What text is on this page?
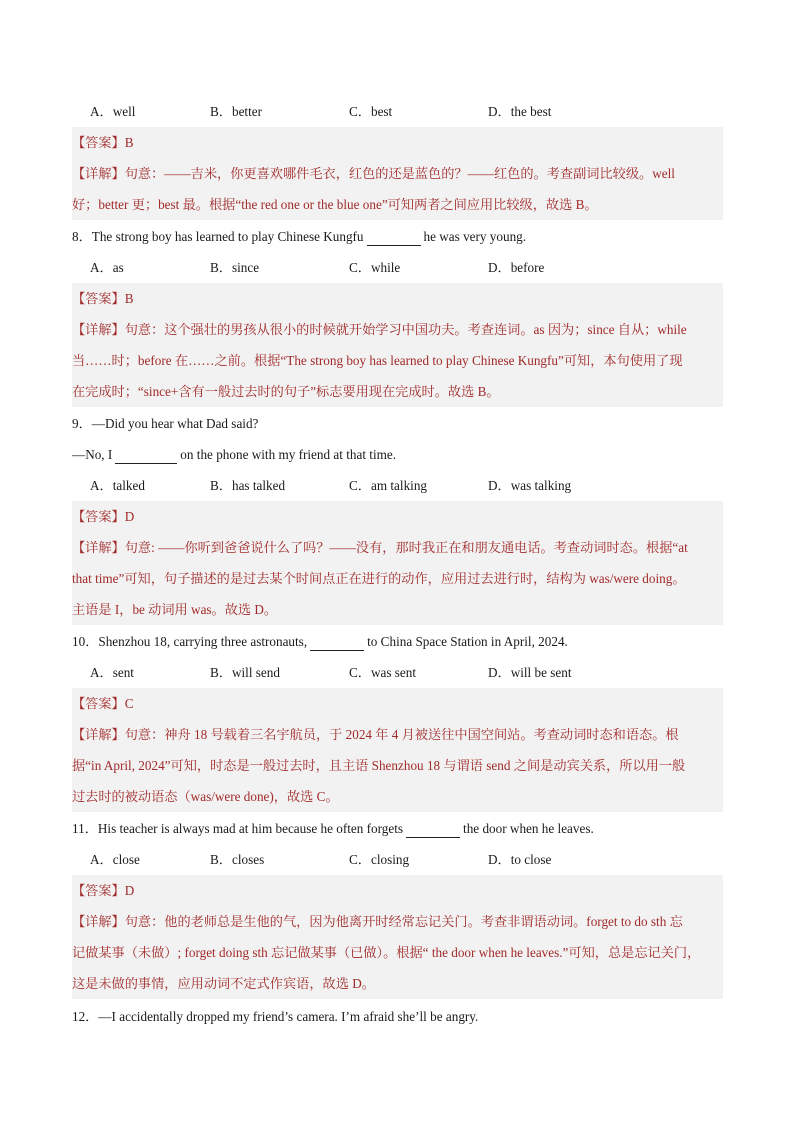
A．well	B．better	C．best	D．the best
【答案】B
【详解】句意：——吉米，你更喜欢哪件毛衣，红色的还是蓝色的？——红色的。考查副词比较级。well
好；better 更；best 最。根据“the red one or the blue one”可知两者之间应用比较级，故选 B。
8．The strong boy has learned to play Chinese Kungfu	he was very young.
A．as	B．since	C．while	D．before
【答案】B
【详解】句意：这个强壮的男孩从很小的时候就开始学习中国功夫。考查连词。as 因为；since 自从；while
当……时；before 在……之前。根据“The strong boy has learned to play Chinese Kungfu”可知，本句使用了现
在完成时；“since+含有一般过去时的句子”标志要用现在完成时。故选 B。
9．—Did you hear what Dad said?
—No, I	on the phone with my friend at that time.
A．talked	B．has talked	C．am talking	D．was talking
【答案】D
【详解】句意: ——你听到爸爸说什么了吗？——没有，那时我正在和朋友通电话。考查动词时态。根据“at
that time”可知，句子描述的是过去某个时间点正在进行的动作，应用过去进行时，结构为 was/were doing。
主语是 I，be 动词用 was。故选 D。
10．Shenzhou 18, carrying three astronauts,	to China Space Station in April, 2024.
A．sent	B．will send	C．was sent	D．will be sent
【答案】C
【详解】句意：神舟 18 号载着三名宇航员，于 2024 年 4 月被送往中国空间站。考查动词时态和语态。根
据“in April, 2024”可知，时态是一般过去时，且主语 Shenzhou 18 与谓语 send 之间是动宾关系，所以用一般
过去时的被动语态（was/were done)，故选 C。
11．His teacher is always mad at him because he often forgets	the door when he leaves.
A．close	B．closes	C．closing	D．to close
【答案】D
【详解】句意：他的老师总是生他的气，因为他离开时经常忘记关门。考查非谓语动词。forget to do sth 忘
记做某事（未做）; forget doing sth 忘记做某事（已做）。根据“ the door when he leaves.”可知，总是忘记关门，
这是未做的事情，应用动词不定式作宾语，故选 D。
12．—I accidentally dropped my friend’s camera. I’m afraid she’ll be angry.
